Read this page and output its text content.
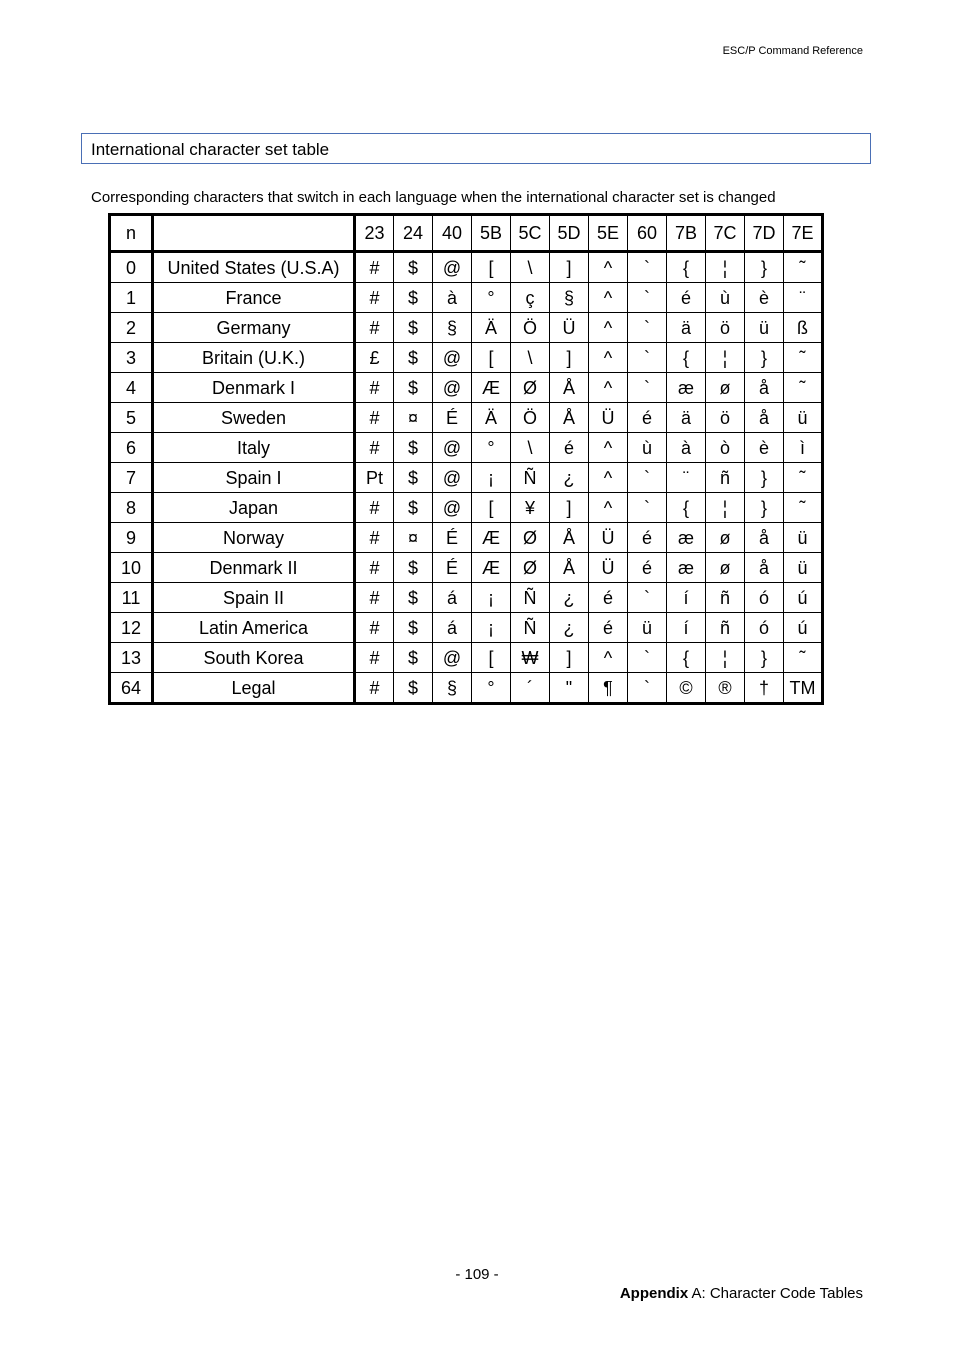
ESC/P Command Reference
International character set table
Corresponding characters that switch in each language when the international character set is changed
n		23	24	40	5B	5C	5D	5E	60	7B	7C	7D	7E
0	United States (U.S.A)	#	$	@	[	\	]	^	`	{	¦	}	˜
1	France	#	$	à	°	ç	§	^	`	é	ù	è	¨
2	Germany	#	$	§	Ä	Ö	Ü	^	`	ä	ö	ü	ß
3	Britain (U.K.)	£	$	@	[	\	]	^	`	{	¦	}	˜
4	Denmark I	#	$	@	Æ	Ø	Å	^	`	æ	ø	å	˜
5	Sweden	#	¤	É	Ä	Ö	Å	Ü	é	ä	ö	å	ü
6	Italy	#	$	@	°	\	é	^	ù	à	ò	è	ì
7	Spain I	Pt	$	@	¡	Ñ	¿	^	`	¨	ñ	}	˜
8	Japan	#	$	@	[	¥	]	^	`	{	¦	}	˜
9	Norway	#	¤	É	Æ	Ø	Å	Ü	é	æ	ø	å	ü
10	Denmark II	#	$	É	Æ	Ø	Å	Ü	é	æ	ø	å	ü
11	Spain II	#	$	á	¡	Ñ	¿	é	`	í	ñ	ó	ú
12	Latin America	#	$	á	¡	Ñ	¿	é	ü	í	ñ	ó	ú
13	South Korea	#	$	@	[	₩	]	^	`	{	¦	}	˜
64	Legal	#	$	§	°	´	"	¶	`	©	®	†	TM
- 109 -
Appendix A: Character Code Tables
